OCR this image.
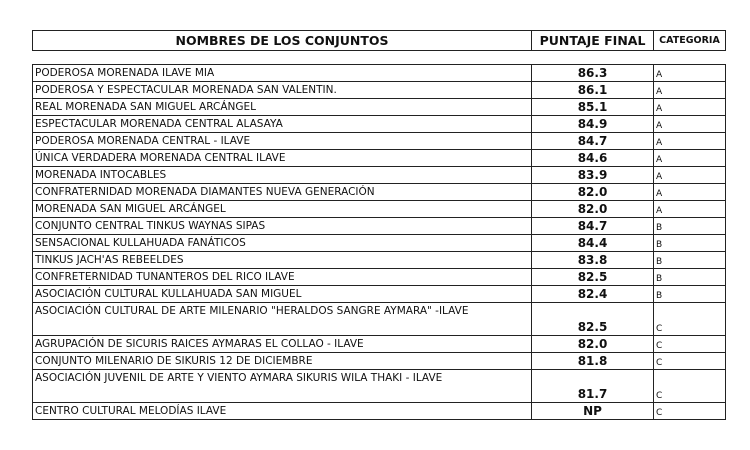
NOMBRES DE LOS CONJUNTOS	PUNTAJE FINAL	CATEGORIA
PODEROSA MORENADA ILAVE MIA	86.3	A
PODEROSA Y ESPECTACULAR MORENADA SAN VALENTIN.	86.1	A
REAL MORENADA SAN MIGUEL ARCÁNGEL	85.1	A
ESPECTACULAR MORENADA CENTRAL ALASAYA	84.9	A
PODEROSA MORENADA CENTRAL - ILAVE	84.7	A
ÚNICA VERDADERA MORENADA CENTRAL ILAVE	84.6	A
MORENADA INTOCABLES	83.9	A
CONFRATERNIDAD MORENADA DIAMANTES NUEVA GENERACIÓN	82.0	A
MORENADA SAN MIGUEL ARCÁNGEL	82.0	A
CONJUNTO CENTRAL TINKUS WAYNAS SIPAS	84.7	B
SENSACIONAL KULLAHUADA FANÁTICOS	84.4	B
TINKUS JACH'AS REBEELDES	83.8	B
CONFRETERNIDAD TUNANTEROS DEL RICO ILAVE	82.5	B
ASOCIACIÓN CULTURAL KULLAHUADA SAN MIGUEL	82.4	B
ASOCIACIÓN CULTURAL DE ARTE MILENARIO "HERALDOS SANGRE AYMARA" -ILAVE	82.5	C
AGRUPACIÓN DE SICURIS RAICES AYMARAS EL COLLAO - ILAVE	82.0	C
CONJUNTO MILENARIO DE SIKURIS 12 DE DICIEMBRE	81.8	C
ASOCIACIÓN JUVENIL DE ARTE Y VIENTO AYMARA SIKURIS WILA THAKI - ILAVE	81.7	C
CENTRO CULTURAL MELODÍAS ILAVE	NP	C
